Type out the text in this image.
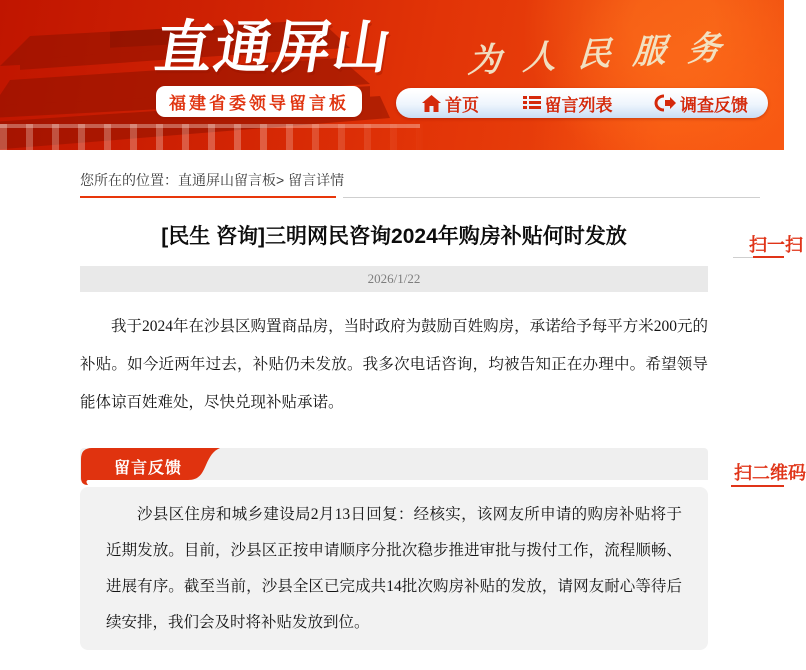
直通屏山
福建省委领导留言板
为人民服务
首页	留言列表	调查反馈
您所在的位置：直通屏山留言板> 留言详情
[民生 咨询]三明网民咨询2024年购房补贴何时发放
2026/1/22
我于2024年在沙县区购置商品房，当时政府为鼓励百姓购房，承诺给予每平方米200元的补贴。如今近两年过去，补贴仍未发放。我多次电话咨询，均被告知正在办理中。希望领导能体谅百姓难处，尽快兑现补贴承诺。
留言反馈
沙县区住房和城乡建设局2月13日回复：经核实，该网友所申请的购房补贴将于近期发放。目前，沙县区正按申请顺序分批次稳步推进审批与拨付工作，流程顺畅、进展有序。截至当前，沙县全区已完成共14批次购房补贴的发放，请网友耐心等待后续安排，我们会及时将补贴发放到位。
扫一扫
扫二维码
